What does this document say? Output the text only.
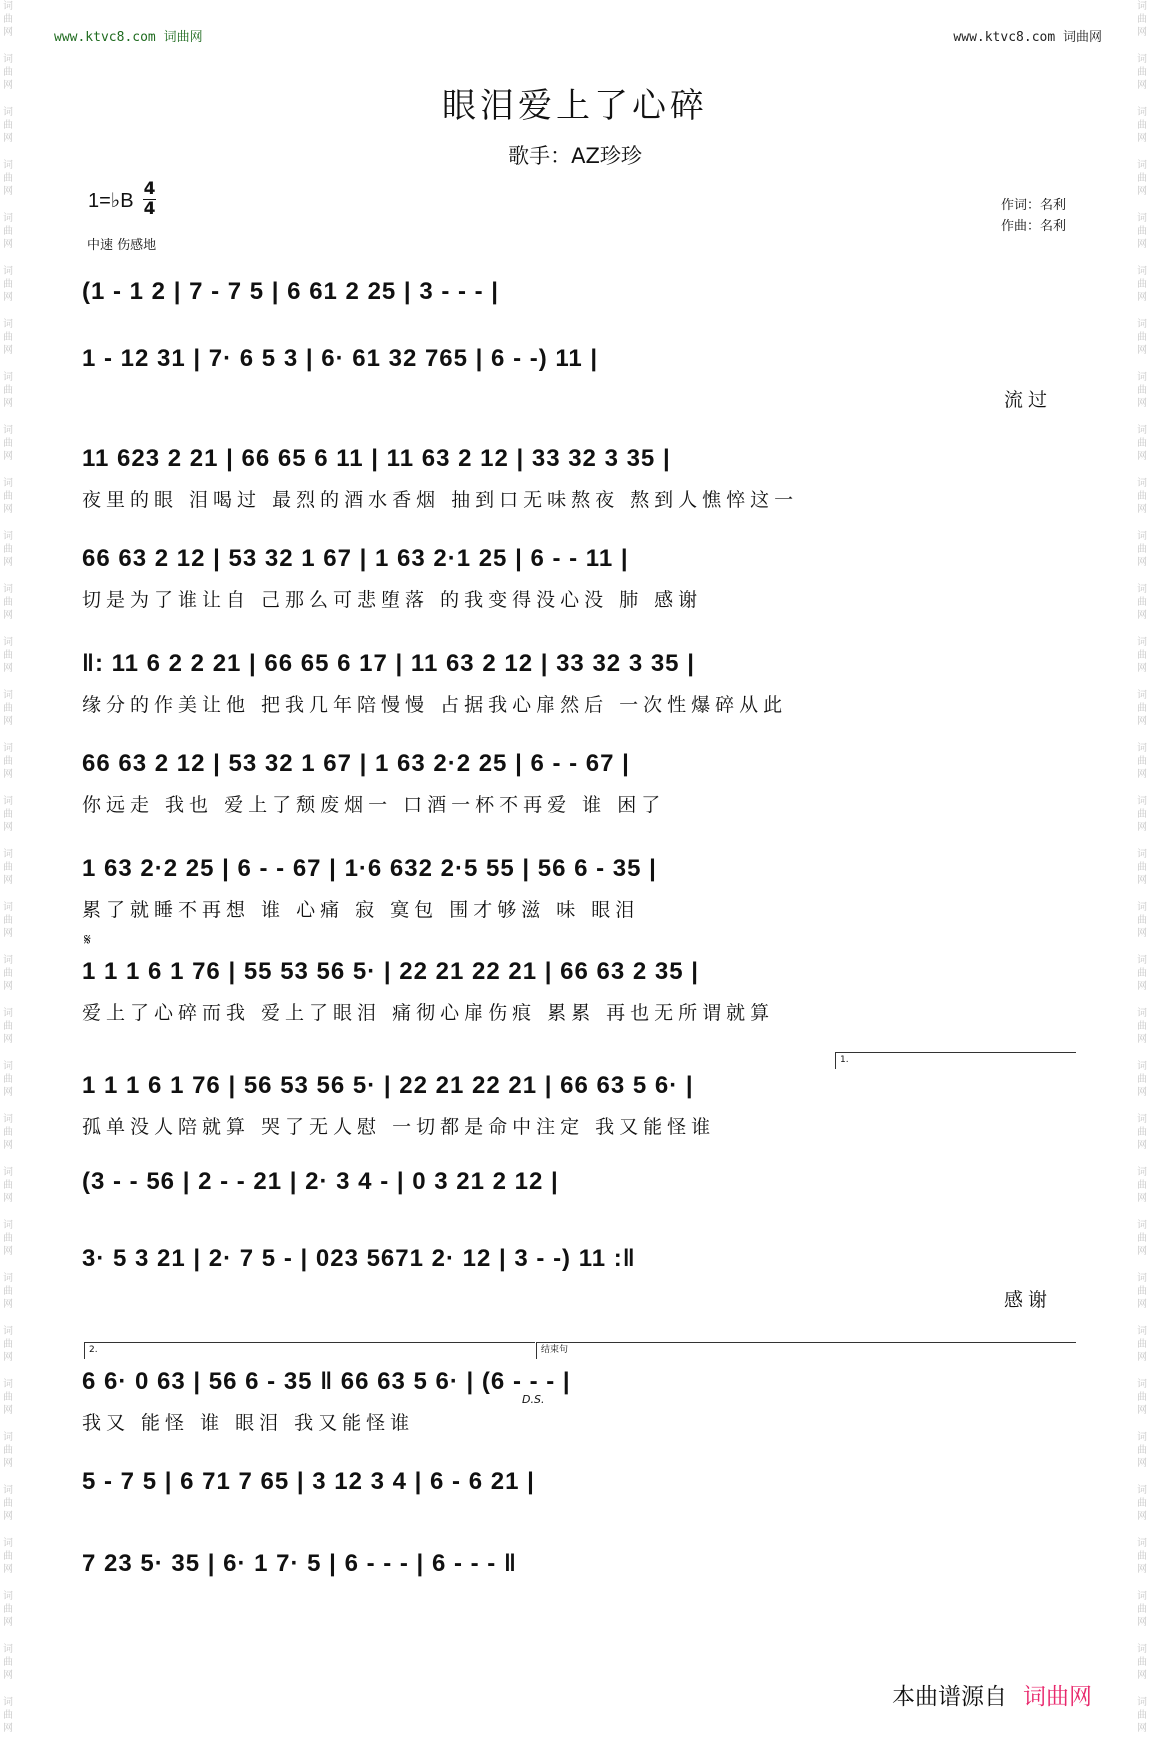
词
曲
网
词
曲
网
词
曲
网
词
曲
网
词
曲
网
词
曲
网
词
曲
网
词
曲
网
词
曲
网
词
曲
网
词
曲
网
词
曲
网
词
曲
网
词
曲
网
词
曲
网
词
曲
网
词
曲
网
词
曲
网
词
曲
网
词
曲
网
词
曲
网
词
曲
网
词
曲
网
词
曲
网
词
曲
网
词
曲
网
词
曲
网
词
曲
网
词
曲
网
词
曲
网
词
曲
网
词
曲
网
词
曲
网
词
曲
网
词
曲
网
词
曲
网
词
曲
网
词
曲
网
词
曲
网
词
曲
网
词
曲
网
词
曲
网
词
曲
网
词
曲
网
词
曲
网
词
曲
网
词
曲
网
词
曲
网
词
曲
网
词
曲
网
词
曲
网
词
曲
网
词
曲
网
词
曲
网
词
曲
网
词
曲
网
词
曲
网
词
曲
网
词
曲
网
词
曲
网
词
曲
网
词
曲
网
词
曲
网
词
曲
网
词
曲
网
词
曲
网
www.ktvc8.com 词曲网	www.ktvc8.com 词曲网
眼泪爱上了心碎
歌手：AZ珍珍
1=♭B
4
4
中速 伤感地
作词：名利
作曲：名利
(1 - 1 2 | 7 - 7 5 | 6 61 2 25 | 3 - - - |
1 - 12 31 | 7· 6 5 3 | 6· 61 32 765 | 6 - -) 11 |
流过
11 623 2 21 | 66 65 6 11 | 11 63 2 12 | 33 32 3 35 |
夜里的眼 泪喝过 最烈的酒水香烟 抽到口无味熬夜 熬到人憔悴这一
66 63 2 12 | 53 32 1 67 | 1 63 2·1 25 | 6 - - 11 |
切是为了谁让自 己那么可悲堕落 的我变得没心没 肺 感谢
‖: 11 6 2 2 21 | 66 65 6 17 | 11 63 2 12 | 33 32 3 35 |
缘分的作美让他 把我几年陪慢慢 占据我心扉然后 一次性爆碎从此
66 63 2 12 | 53 32 1 67 | 1 63 2·2 25 | 6 - - 67 |
你远走 我也 爱上了颓废烟一 口酒一杯不再爱 谁 困了
1 63 2·2 25 | 6 - - 67 | 1·6 632 2·5 55 | 56 6 - 35 |
累了就睡不再想 谁 心痛 寂 寞包 围才够滋 味 眼泪
1 1 1 6 1 76 | 55 53 56 5· | 22 21 22 21 | 66 63 2 35 |
爱上了心碎而我 爱上了眼泪 痛彻心扉伤痕 累累 再也无所谓就算
1 1 1 6 1 76 | 56 53 56 5· | 22 21 22 21 | 66 63 5 6· |
孤单没人陪就算 哭了无人慰 一切都是命中注定 我又能怪谁
(3 - - 56 | 2 - - 21 | 2· 3 4 - | 0 3 21 2 12 |
3· 5 3 21 | 2· 7 5 - | 023 5671 2· 12 | 3 - -) 11 :‖
感谢
6 6· 0 63 | 56 6 - 35 ‖ 66 63 5 6· | (6 - - - |
我又 能怪 谁 眼泪 我又能怪谁
5 - 7 5 | 6 71 7 65 | 3 12 3 4 | 6 - 6 21 |
7 23 5· 35 | 6· 1 7· 5 | 6 - - - | 6 - - - ‖
𝄋
1.
2.	结束句
D.S.
本曲谱源自 词曲网
